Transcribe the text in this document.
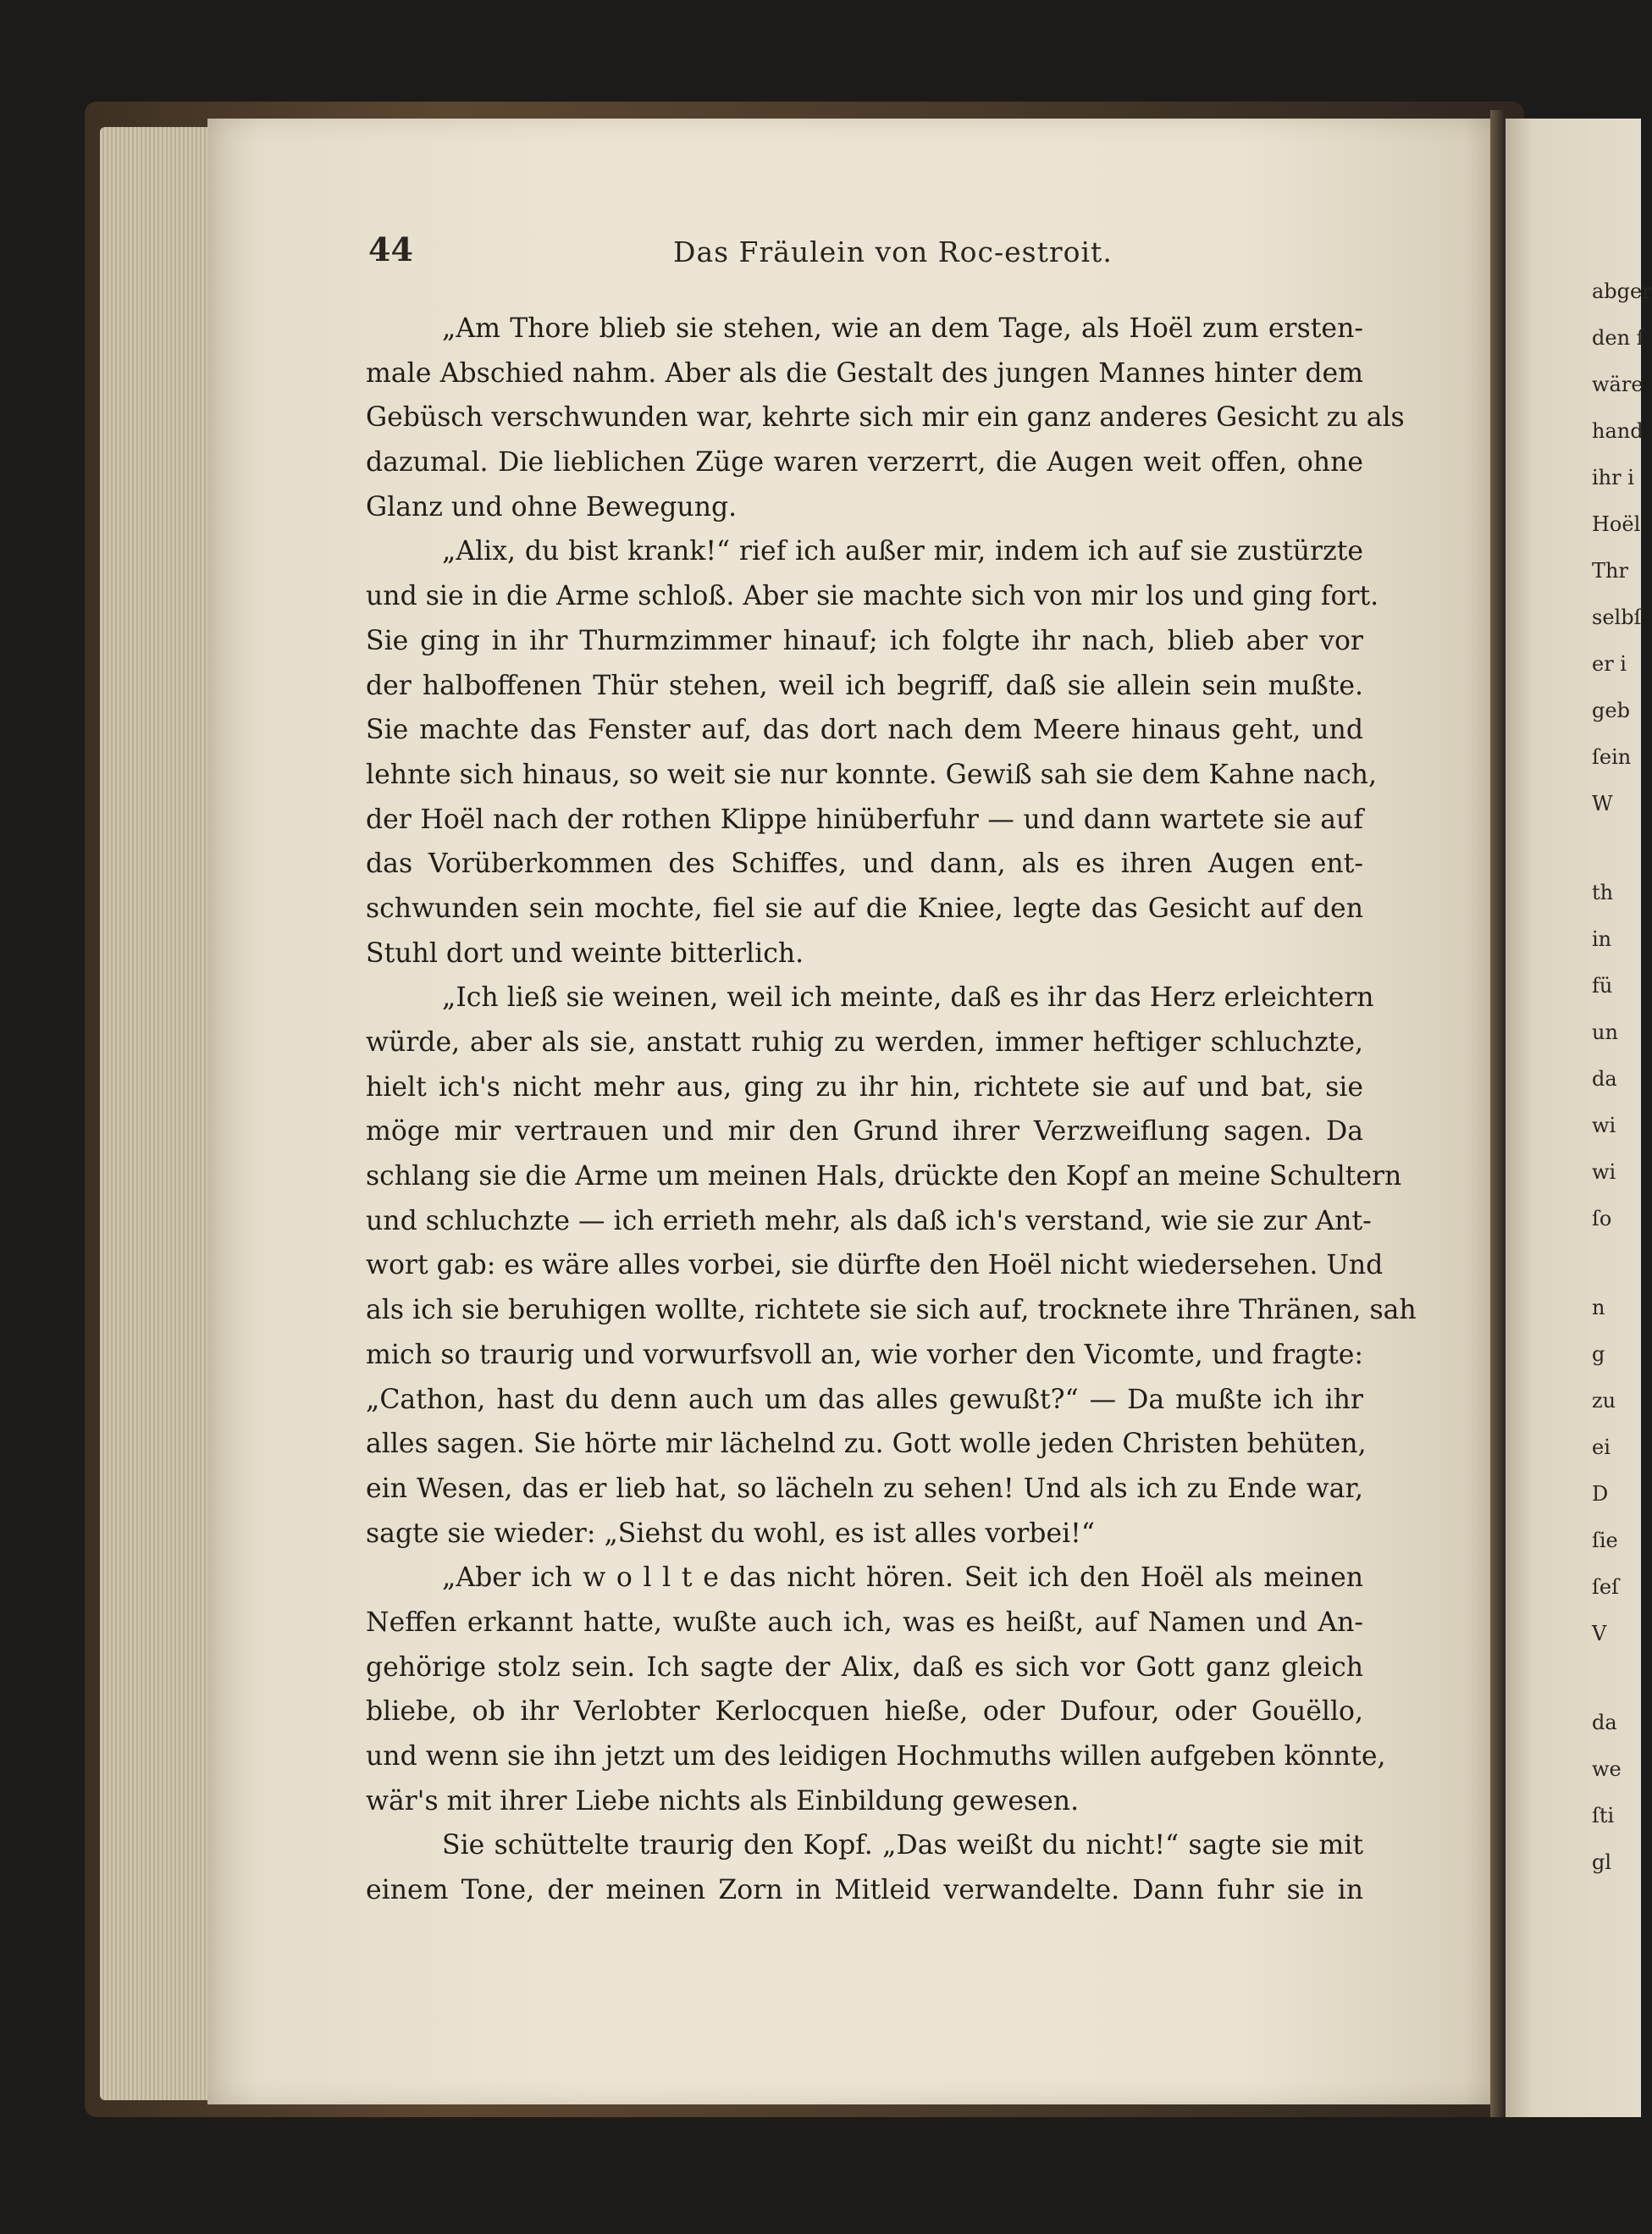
abger
den ſ
wäre
hand
ihr i
Hoël
Thr
selbſ
er i
geb
ſein
W
th
in
fü
un
da
wi
wi
ſo
n
g
zu
ei
D
ſie
ſeſ
V
da
we
ſti
gl
44	Das Fräulein von Roc-estroit.
„Am Thore blieb sie stehen, wie an dem Tage, als Hoël zum ersten-
male Abschied nahm. Aber als die Gestalt des jungen Mannes hinter dem
Gebüsch verschwunden war, kehrte sich mir ein ganz anderes Gesicht zu als
dazumal. Die lieblichen Züge waren verzerrt, die Augen weit offen, ohne
Glanz und ohne Bewegung.
„Alix, du bist krank!“ rief ich außer mir, indem ich auf sie zustürzte
und sie in die Arme schloß. Aber sie machte sich von mir los und ging fort.
Sie ging in ihr Thurmzimmer hinauf; ich folgte ihr nach, blieb aber vor
der halboffenen Thür stehen, weil ich begriff, daß sie allein sein mußte.
Sie machte das Fenster auf, das dort nach dem Meere hinaus geht, und
lehnte sich hinaus, so weit sie nur konnte. Gewiß sah sie dem Kahne nach,
der Hoël nach der rothen Klippe hinüberfuhr — und dann wartete sie auf
das Vorüberkommen des Schiffes, und dann, als es ihren Augen ent-
schwunden sein mochte, fiel sie auf die Kniee, legte das Gesicht auf den
Stuhl dort und weinte bitterlich.
„Ich ließ sie weinen, weil ich meinte, daß es ihr das Herz erleichtern
würde, aber als sie, anstatt ruhig zu werden, immer heftiger schluchzte,
hielt ich's nicht mehr aus, ging zu ihr hin, richtete sie auf und bat, sie
möge mir vertrauen und mir den Grund ihrer Verzweiflung sagen. Da
schlang sie die Arme um meinen Hals, drückte den Kopf an meine Schultern
und schluchzte — ich errieth mehr, als daß ich's verstand, wie sie zur Ant-
wort gab: es wäre alles vorbei, sie dürfte den Hoël nicht wiedersehen. Und
als ich sie beruhigen wollte, richtete sie sich auf, trocknete ihre Thränen, sah
mich so traurig und vorwurfsvoll an, wie vorher den Vicomte, und fragte:
„Cathon, hast du denn auch um das alles gewußt?“ — Da mußte ich ihr
alles sagen. Sie hörte mir lächelnd zu. Gott wolle jeden Christen behüten,
ein Wesen, das er lieb hat, so lächeln zu sehen! Und als ich zu Ende war,
sagte sie wieder: „Siehst du wohl, es ist alles vorbei!“
„Aber ich w o l l t e das nicht hören. Seit ich den Hoël als meinen
Neffen erkannt hatte, wußte auch ich, was es heißt, auf Namen und An-
gehörige stolz sein. Ich sagte der Alix, daß es sich vor Gott ganz gleich
bliebe, ob ihr Verlobter Kerlocquen hieße, oder Dufour, oder Gouëllo,
und wenn sie ihn jetzt um des leidigen Hochmuths willen aufgeben könnte,
wär's mit ihrer Liebe nichts als Einbildung gewesen.
Sie schüttelte traurig den Kopf. „Das weißt du nicht!“ sagte sie mit
einem Tone, der meinen Zorn in Mitleid verwandelte. Dann fuhr sie in
